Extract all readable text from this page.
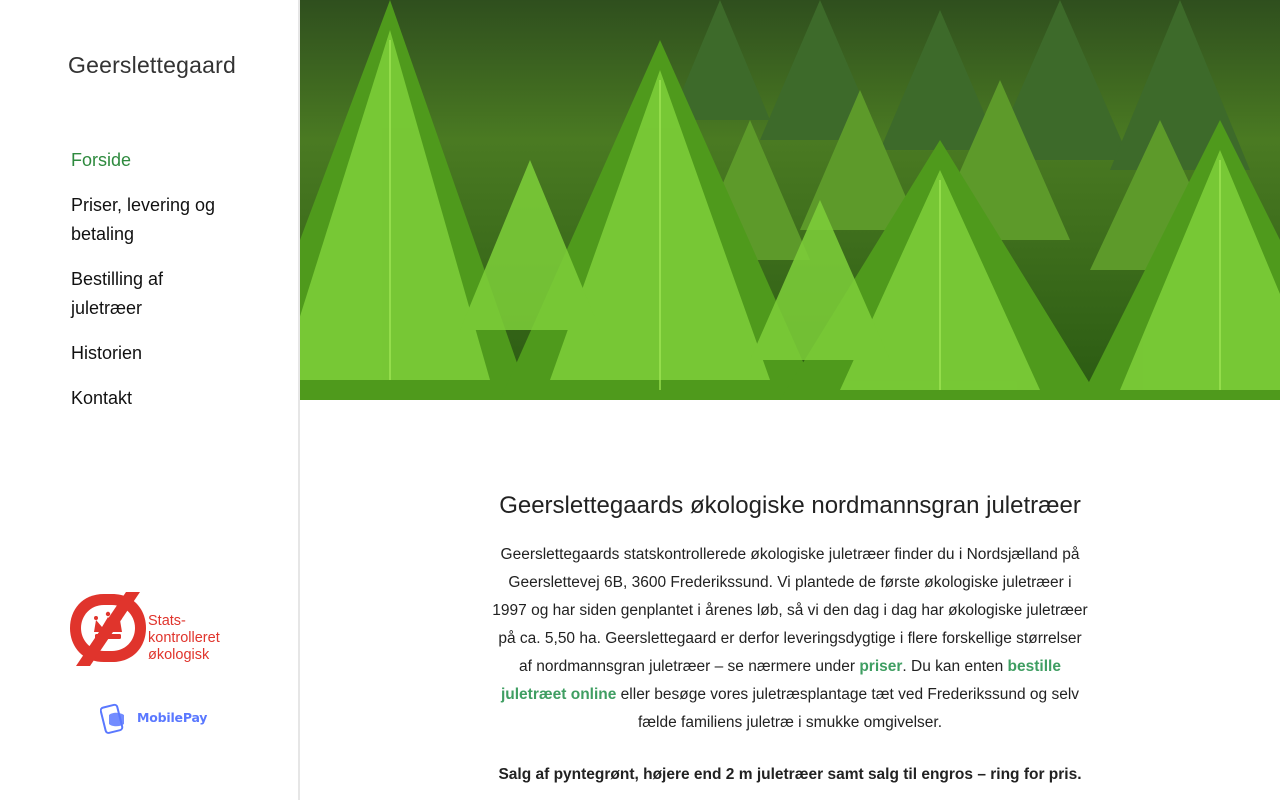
Geerslettegaard
Forside
Priser, levering og betaling
Bestilling af juletræer
Historien
Kontakt
Stats-
kontrolleret
økologisk
MobilePay
Geerslettegaards økologiske nordmannsgran juletræer

Geerslettegaards statskontrollerede økologiske juletræer finder du i Nordsjælland på Geerslettevej 6B, 3600 Frederikssund. Vi plantede de første økologiske juletræer i 1997 og har siden genplantet i årenes løb, så vi den dag i dag har økologiske juletræer på ca. 5,50 ha. Geerslettegaard er derfor leveringsdygtige i flere forskellige størrelser af nordmannsgran juletræer – se nærmere under priser. Du kan enten bestille juletræet online eller besøge vores juletræsplantage tæt ved Frederikssund og selv fælde familiens juletræ i smukke omgivelser.

Salg af pyntegrønt, højere end 2 m juletræer samt salg til engros – ring for pris.
